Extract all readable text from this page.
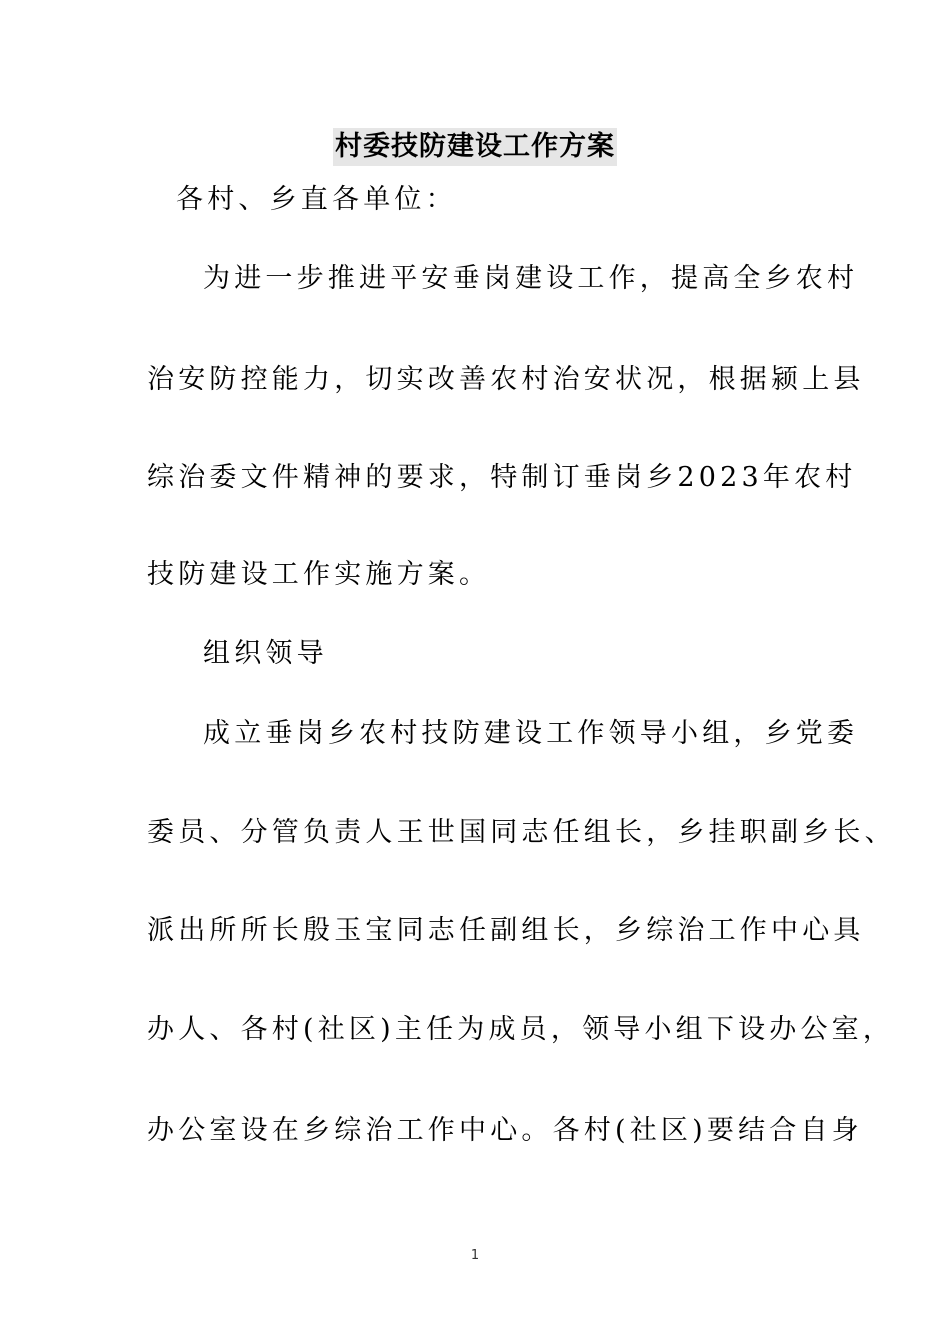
村委技防建设工作方案
各村、乡直各单位：
为进一步推进平安垂岗建设工作，提高全乡农村
治安防控能力，切实改善农村治安状况，根据颍上县
综治委文件精神的要求，特制订垂岗乡2023年农村
技防建设工作实施方案。
组织领导
成立垂岗乡农村技防建设工作领导小组，乡党委
委员、分管负责人王世国同志任组长，乡挂职副乡长、
派出所所长殷玉宝同志任副组长，乡综治工作中心具
办人、各村(社区)主任为成员，领导小组下设办公室，
办公室设在乡综治工作中心。各村(社区)要结合自身
1
